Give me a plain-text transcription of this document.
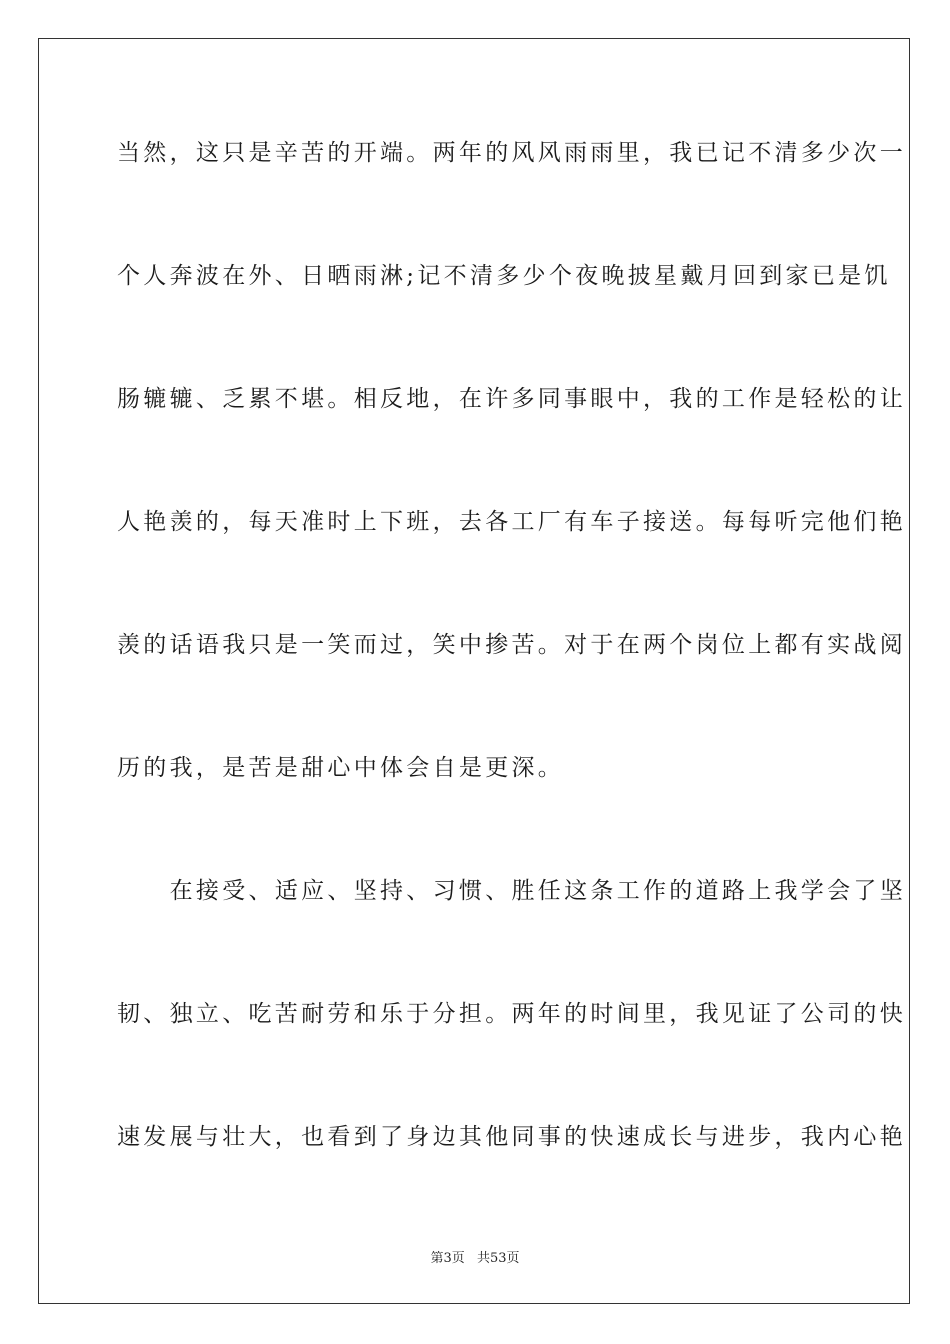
当然，这只是辛苦的开端。两年的风风雨雨里，我已记不清多少次一
个人奔波在外、日晒雨淋;记不清多少个夜晚披星戴月回到家已是饥
肠辘辘、乏累不堪。相反地，在许多同事眼中，我的工作是轻松的让
人艳羡的，每天准时上下班，去各工厂有车子接送。每每听完他们艳
羡的话语我只是一笑而过，笑中掺苦。对于在两个岗位上都有实战阅
历的我，是苦是甜心中体会自是更深。
　　在接受、适应、坚持、习惯、胜任这条工作的道路上我学会了坚
韧、独立、吃苦耐劳和乐于分担。两年的时间里，我见证了公司的快
速发展与壮大，也看到了身边其他同事的快速成长与进步，我内心艳
第3页 共53页
